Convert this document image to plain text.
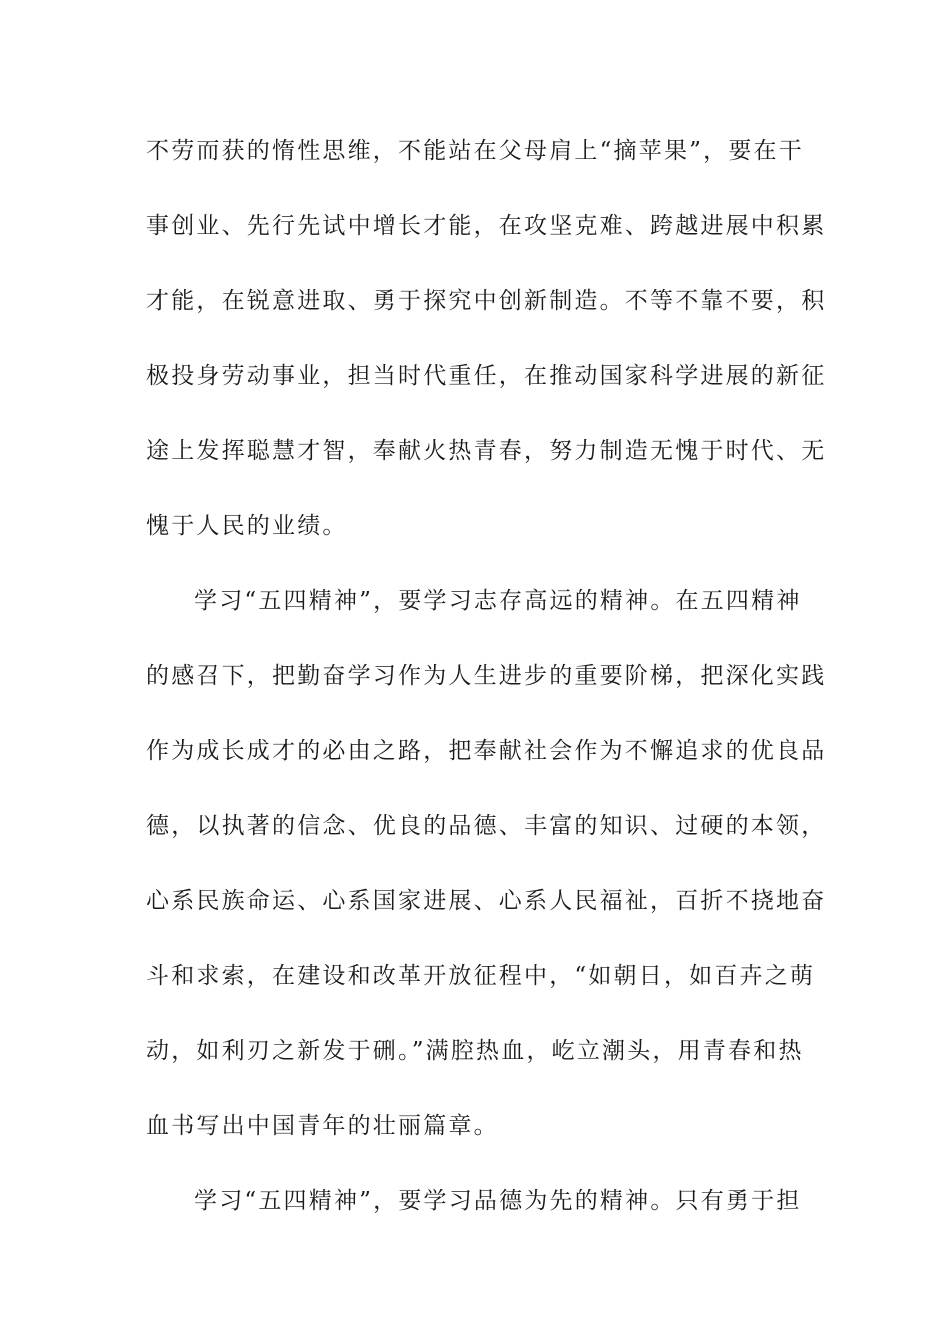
不劳而获的惰性思维，不能站在父母肩上“摘苹果”，要在干
事创业、先行先试中增长才能，在攻坚克难、跨越进展中积累
才能，在锐意进取、勇于探究中创新制造。不等不靠不要，积
极投身劳动事业，担当时代重任，在推动国家科学进展的新征
途上发挥聪慧才智，奉献火热青春，努力制造无愧于时代、无
愧于人民的业绩。
学习“五四精神”，要学习志存高远的精神。在五四精神
的感召下，把勤奋学习作为人生进步的重要阶梯，把深化实践
作为成长成才的必由之路，把奉献社会作为不懈追求的优良品
德，以执著的信念、优良的品德、丰富的知识、过硬的本领，
心系民族命运、心系国家进展、心系人民福祉，百折不挠地奋
斗和求索，在建设和改革开放征程中，“如朝日，如百卉之萌
动，如利刃之新发于硎。”满腔热血，屹立潮头，用青春和热
血书写出中国青年的壮丽篇章。
学习“五四精神”，要学习品德为先的精神。只有勇于担
